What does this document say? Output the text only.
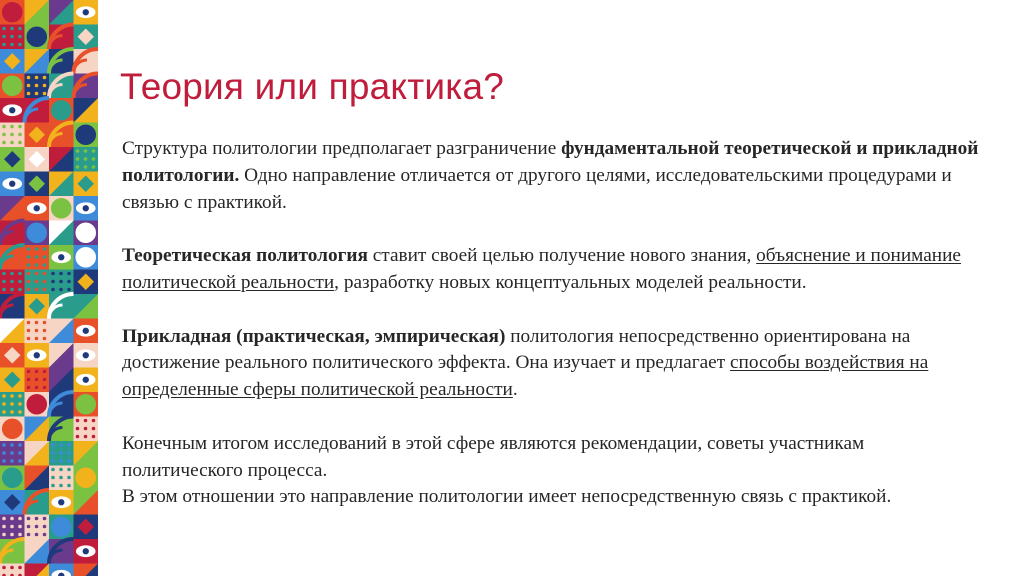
Теория или практика?

Структура политологии предполагает разграничение фундаментальной теоретической и прикладной политологии. Одно направление отличается от другого целями, исследовательскими процедурами и связью с практикой.

Теоретическая политология ставит своей целью получение нового знания, объяснение и понимание политической реальности, разработку новых концептуальных моделей реальности.

Прикладная (практическая, эмпирическая) политология непосредственно ориентирована на достижение реального политического эффекта. Она изучает и предлагает способы воздействия на определенные сферы политической реальности.

Конечным итогом исследований в этой сфере являются рекомендации, советы участникам политического процесса.
В этом отношении это направление политологии имеет непосредственную связь с практикой.
